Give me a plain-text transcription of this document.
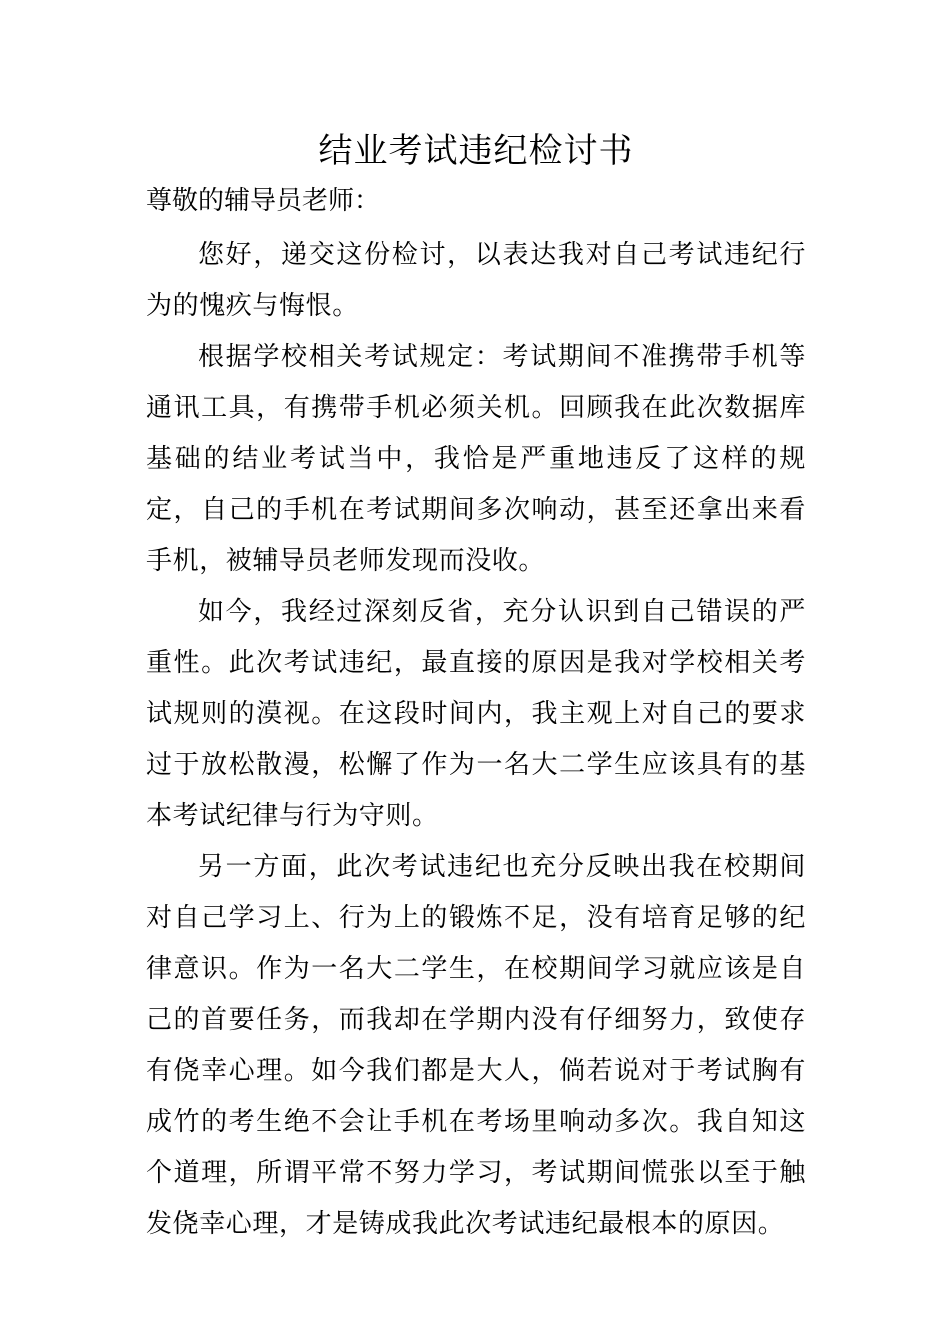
结业考试违纪检讨书

尊敬的辅导员老师：

您好，递交这份检讨，以表达我对自己考试违纪行为的愧疚与悔恨。

根据学校相关考试规定：考试期间不准携带手机等通讯工具，有携带手机必须关机。回顾我在此次数据库基础的结业考试当中，我恰是严重地违反了这样的规定，自己的手机在考试期间多次响动，甚至还拿出来看手机，被辅导员老师发现而没收。

如今，我经过深刻反省，充分认识到自己错误的严重性。此次考试违纪，最直接的原因是我对学校相关考试规则的漠视。在这段时间内，我主观上对自己的要求过于放松散漫，松懈了作为一名大二学生应该具有的基本考试纪律与行为守则。

另一方面，此次考试违纪也充分反映出我在校期间对自己学习上、行为上的锻炼不足，没有培育足够的纪律意识。作为一名大二学生，在校期间学习就应该是自己的首要任务，而我却在学期内没有仔细努力，致使存有侥幸心理。如今我们都是大人，倘若说对于考试胸有成竹的考生绝不会让手机在考场里响动多次。我自知这个道理，所谓平常不努力学习，考试期间慌张以至于触发侥幸心理，才是铸成我此次考试违纪最根本的原因。
